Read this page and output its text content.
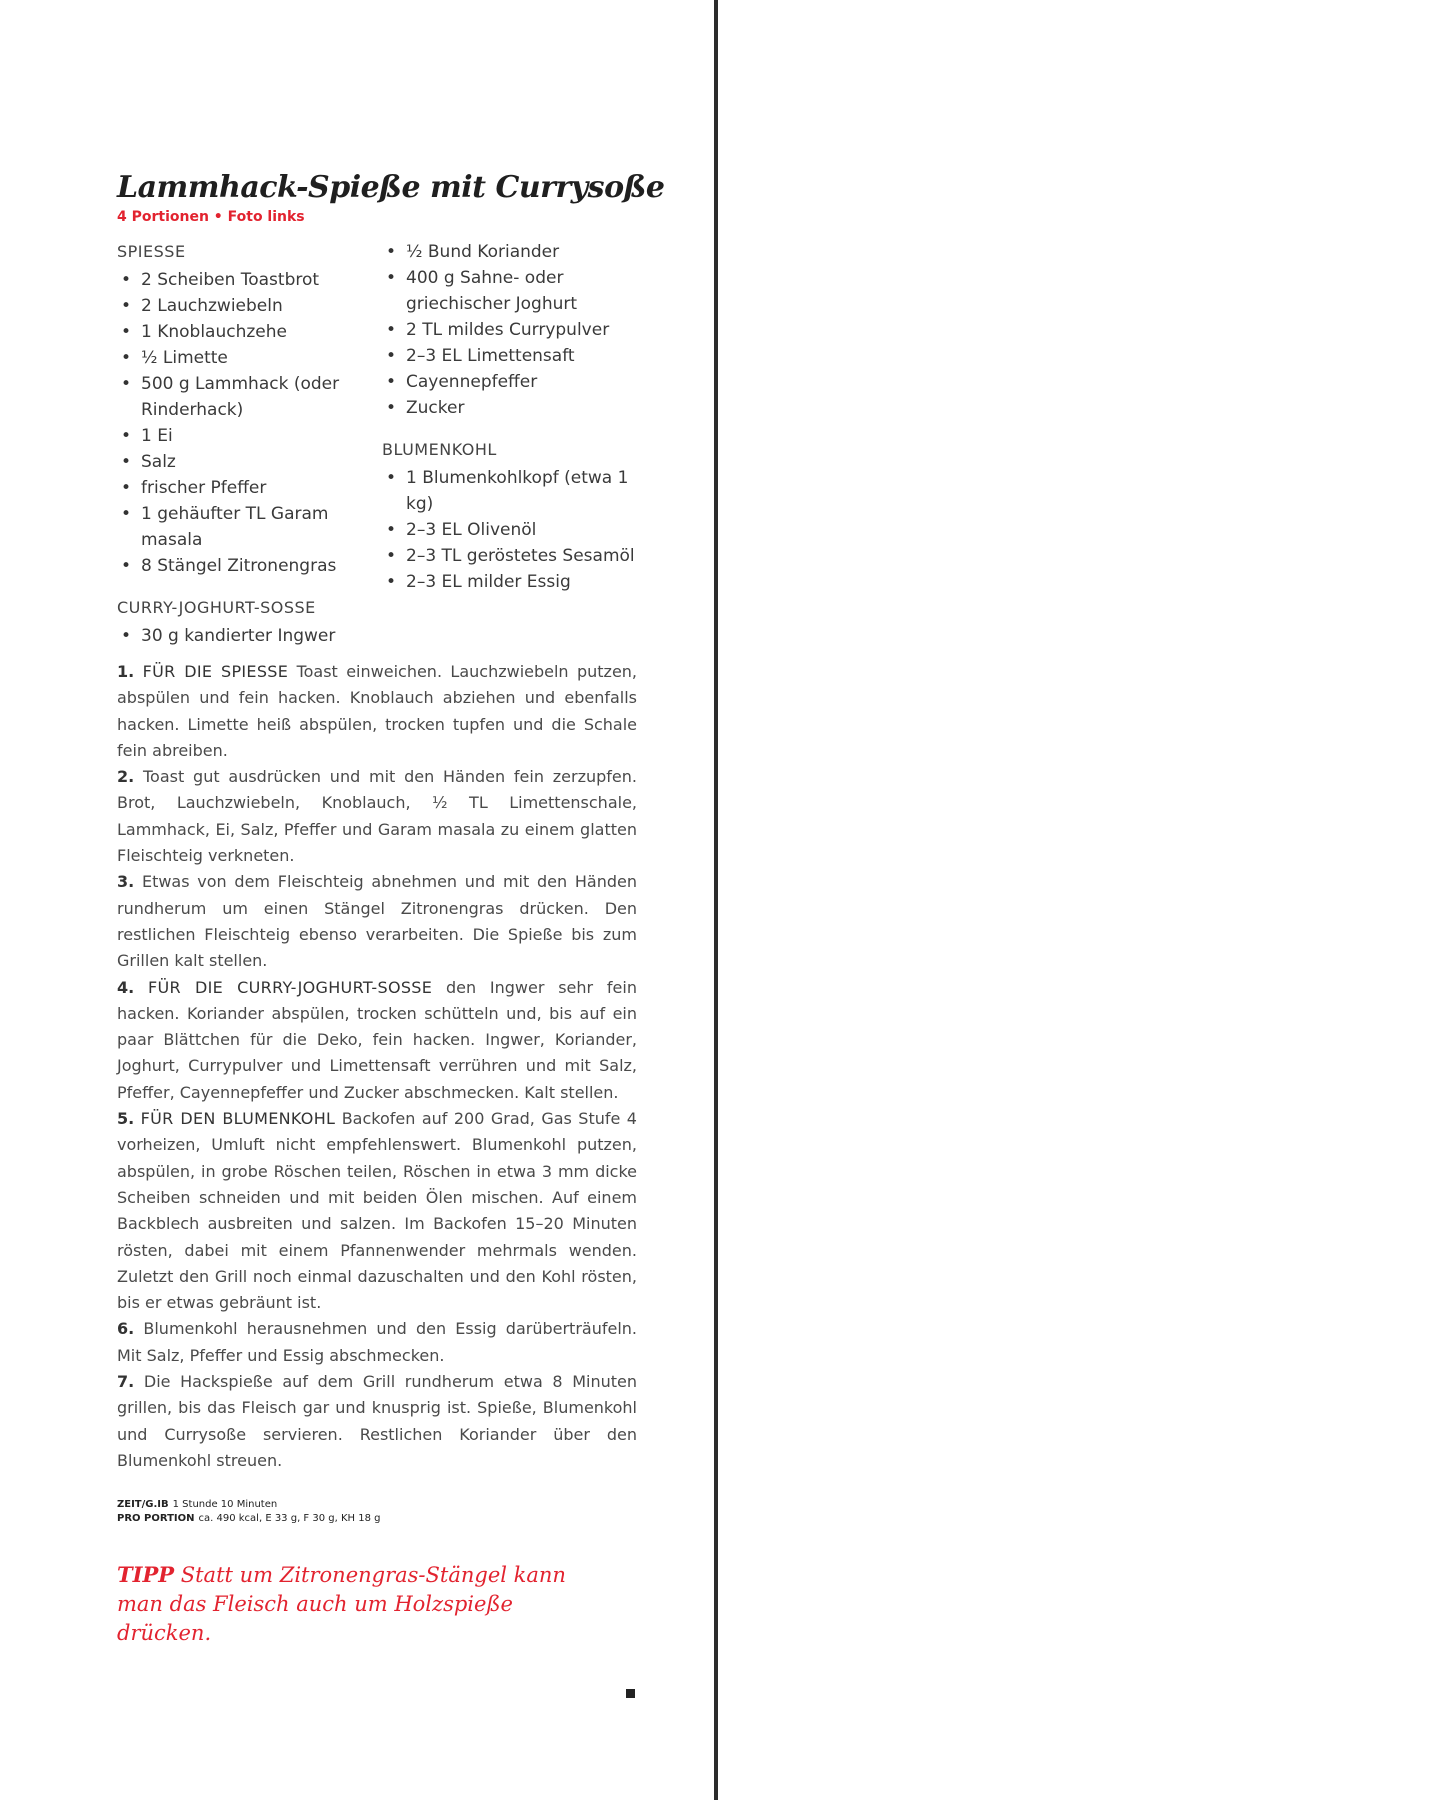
Lammhack-Spieße mit Currysoße
4 Portionen • Foto links
SPIESSE
• 2 Scheiben Toastbrot
• 2 Lauchzwiebeln
• 1 Knoblauchzehe
• ½ Limette
• 500 g Lammhack (oder Rinderhack)
• 1 Ei
• Salz
• frischer Pfeffer
• 1 gehäufter TL Garam masala
• 8 Stängel Zitronengras
CURRY-JOGHURT-SOSSE
• 30 g kandierter Ingwer
• ½ Bund Koriander
• 400 g Sahne- oder griechischer Joghurt
• 2 TL mildes Currypulver
• 2–3 EL Limettensaft
• Cayennepfeffer
• Zucker
BLUMENKOHL
• 1 Blumenkohlkopf (etwa 1 kg)
• 2–3 EL Olivenöl
• 2–3 TL geröstetes Sesamöl
• 2–3 EL milder Essig

1. FÜR DIE SPIESSE Toast einweichen. Lauchzwiebeln putzen, abspülen und fein hacken. Knoblauch abziehen und ebenfalls hacken. Limette heiß abspülen, trocken tupfen und die Schale fein abreiben.

2. Toast gut ausdrücken und mit den Händen fein zerzupfen. Brot, Lauchzwiebeln, Knoblauch, ½ TL Limettenschale, Lammhack, Ei, Salz, Pfeffer und Garam masala zu einem glatten Fleischteig verkneten.

3. Etwas von dem Fleischteig abnehmen und mit den Händen rundherum um einen Stängel Zitronengras drücken. Den restlichen Fleischteig ebenso verarbeiten. Die Spieße bis zum Grillen kalt stellen.

4. FÜR DIE CURRY-JOGHURT-SOSSE den Ingwer sehr fein hacken. Koriander abspülen, trocken schütteln und, bis auf ein paar Blättchen für die Deko, fein hacken. Ingwer, Koriander, Joghurt, Currypulver und Limettensaft verrühren und mit Salz, Pfeffer, Cayennepfeffer und Zucker abschmecken. Kalt stellen.

5. FÜR DEN BLUMENKOHL Backofen auf 200 Grad, Gas Stufe 4 vorheizen, Umluft nicht empfehlenswert. Blumenkohl putzen, abspülen, in grobe Röschen teilen, Röschen in etwa 3 mm dicke Scheiben schneiden und mit beiden Ölen mischen. Auf einem Backblech ausbreiten und salzen. Im Backofen 15–20 Minuten rösten, dabei mit einem Pfannenwender mehrmals wenden. Zuletzt den Grill noch einmal dazuschalten und den Kohl rösten, bis er etwas gebräunt ist.

6. Blumenkohl herausnehmen und den Essig darüberträufeln. Mit Salz, Pfeffer und Essig abschmecken.

7. Die Hackspieße auf dem Grill rundherum etwa 8 Minuten grillen, bis das Fleisch gar und knusprig ist. Spieße, Blumenkohl und Currysoße servieren. Restlichen Koriander über den Blumenkohl streuen.

ZEIT/G.IB 1 Stunde 10 Minuten
PRO PORTION ca. 490 kcal, E 33 g, F 30 g, KH 18 g
TIPP Statt um Zitronengras-Stängel kann man das Fleisch auch um Holzspieße drücken.
